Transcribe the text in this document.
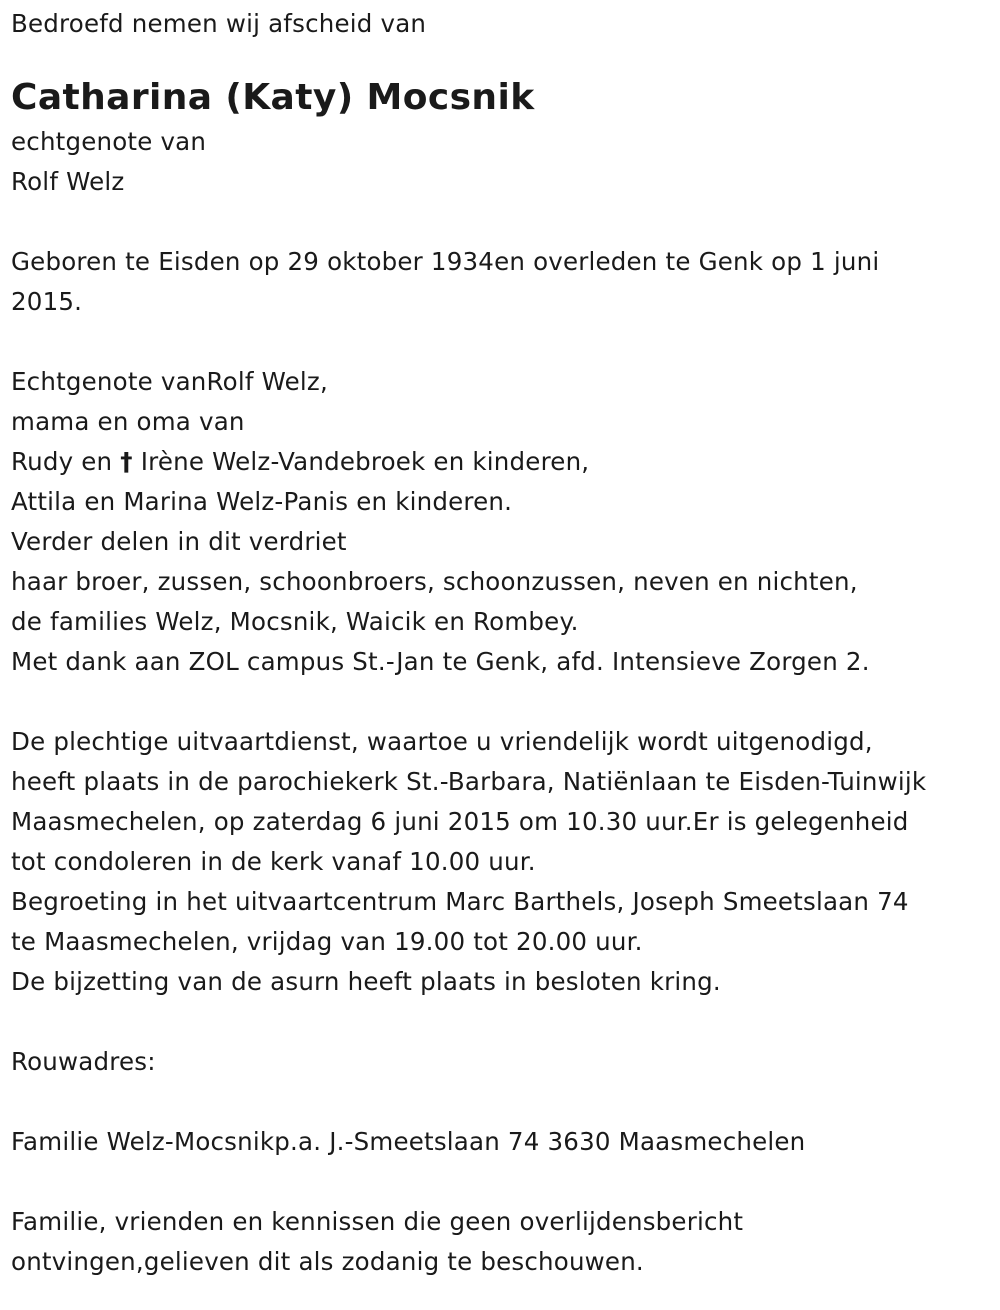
Bedroefd nemen wij afscheid van
Catharina (Katy) Mocsnik
echtgenote van
Rolf Welz
Geboren te Eisden op 29 oktober 1934en overleden te Genk op 1 juni
2015.
Echtgenote vanRolf Welz,
mama en oma van
Rudy en † Irène Welz-Vandebroek en kinderen,
Attila en Marina Welz-Panis en kinderen.
Verder delen in dit verdriet
haar broer, zussen, schoonbroers, schoonzussen, neven en nichten,
de families Welz, Mocsnik, Waicik en Rombey.
Met dank aan ZOL campus St.-Jan te Genk, afd. Intensieve Zorgen 2.
De plechtige uitvaartdienst, waartoe u vriendelijk wordt uitgenodigd,
heeft plaats in de parochiekerk St.-Barbara, Natiënlaan te Eisden-Tuinwijk
Maasmechelen, op zaterdag 6 juni 2015 om 10.30 uur.Er is gelegenheid
tot condoleren in de kerk vanaf 10.00 uur.
Begroeting in het uitvaartcentrum Marc Barthels, Joseph Smeetslaan 74
te Maasmechelen, vrijdag van 19.00 tot 20.00 uur.
De bijzetting van de asurn heeft plaats in besloten kring.
Rouwadres:
Familie Welz-Mocsnikp.a. J.-Smeetslaan 74 3630 Maasmechelen
Familie, vrienden en kennissen die geen overlijdensbericht
ontvingen,gelieven dit als zodanig te beschouwen.
